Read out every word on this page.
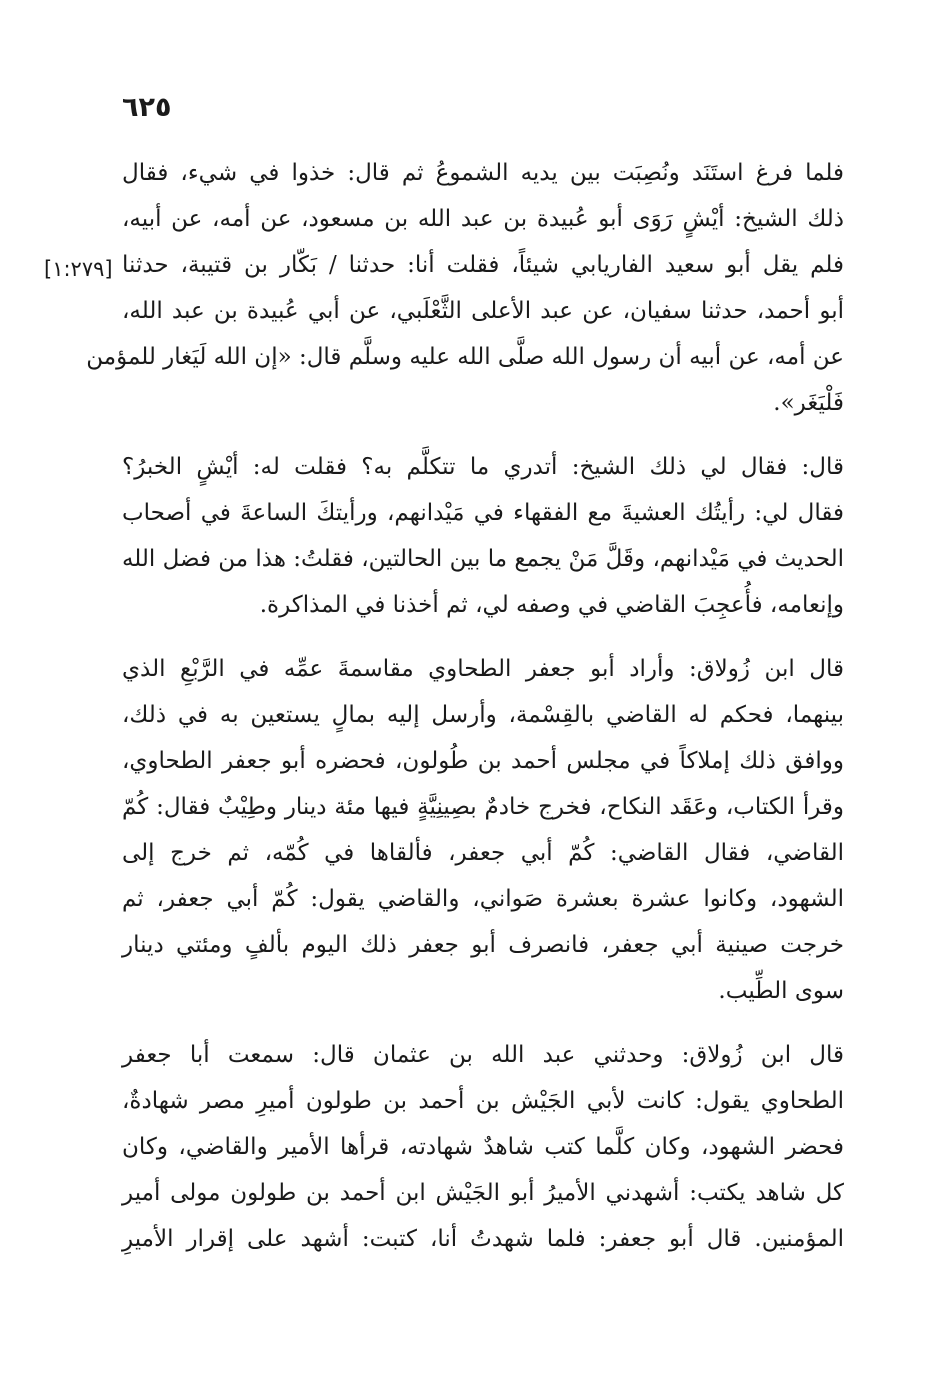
٦٢٥
[١:٢٧٩]
فلما فرغ استَنَد ونُصِبَت بين يديه الشموعُ ثم قال: خذوا في شيء، فقال
ذلك الشيخ: أيْشٍ رَوَى أبو عُبيدة بن عبد الله بن مسعود، عن أمه، عن أبيه،
فلم يقل أبو سعيد الفاريابي شيئاً، فقلت أنا: حدثنا / بَكّار بن قتيبة، حدثنا
أبو أحمد، حدثنا سفيان، عن عبد الأعلى الثَّعْلَبي، عن أبي عُبيدة بن عبد الله،
عن أمه، عن أبيه أن رسول الله صلَّى الله عليه وسلَّم قال: «إن الله لَيَغار للمؤمن
فَلْيَغَر».
قال: فقال لي ذلك الشيخ: أتدري ما تتكلَّم به؟ فقلت له: أيْشٍ الخبرُ؟
فقال لي: رأيتُك العشيةَ مع الفقهاء في مَيْدانهم، ورأيتكَ الساعةَ في أصحاب
الحديث في مَيْدانهم، وقَلَّ مَنْ يجمع ما بين الحالتين، فقلتُ: هذا من فضل الله
وإنعامه، فأُعجِبَ القاضي في وصفه لي، ثم أخذنا في المذاكرة.
قال ابن زُولاق: وأراد أبو جعفر الطحاوي مقاسمةَ عمِّه في الرَّبْعِ الذي
بينهما، فحكم له القاضي بالقِسْمة، وأرسل إليه بمالٍ يستعين به في ذلك،
ووافق ذلك إملاكاً في مجلس أحمد بن طُولون، فحضره أبو جعفر الطحاوي،
وقرأ الكتاب، وعَقَد النكاح، فخرج خادمٌ بصِينِيَّةٍ فيها مئة دينار وطِيْبٌ فقال: كُمّ
القاضي، فقال القاضي: كُمّ أبي جعفر، فألقاها في كُمّه، ثم خرج إلى
الشهود، وكانوا عشرة بعشرة صَواني، والقاضي يقول: كُمّ أبي جعفر، ثم
خرجت صينية أبي جعفر، فانصرف أبو جعفر ذلك اليوم بألفٍ ومئتي دينار
سوى الطِّيب.
قال ابن زُولاق: وحدثني عبد الله بن عثمان قال: سمعت أبا جعفر
الطحاوي يقول: كانت لأبي الجَيْش بن أحمد بن طولون أميرِ مصر شهادةٌ،
فحضر الشهود، وكان كلَّما كتب شاهدٌ شهادته، قرأها الأمير والقاضي، وكان
كل شاهد يكتب: أشهدني الأميرُ أبو الجَيْش ابن أحمد بن طولون مولى أمير
المؤمنين. قال أبو جعفر: فلما شهدتُ أنا، كتبت: أشهد على إقرار الأميرِ
